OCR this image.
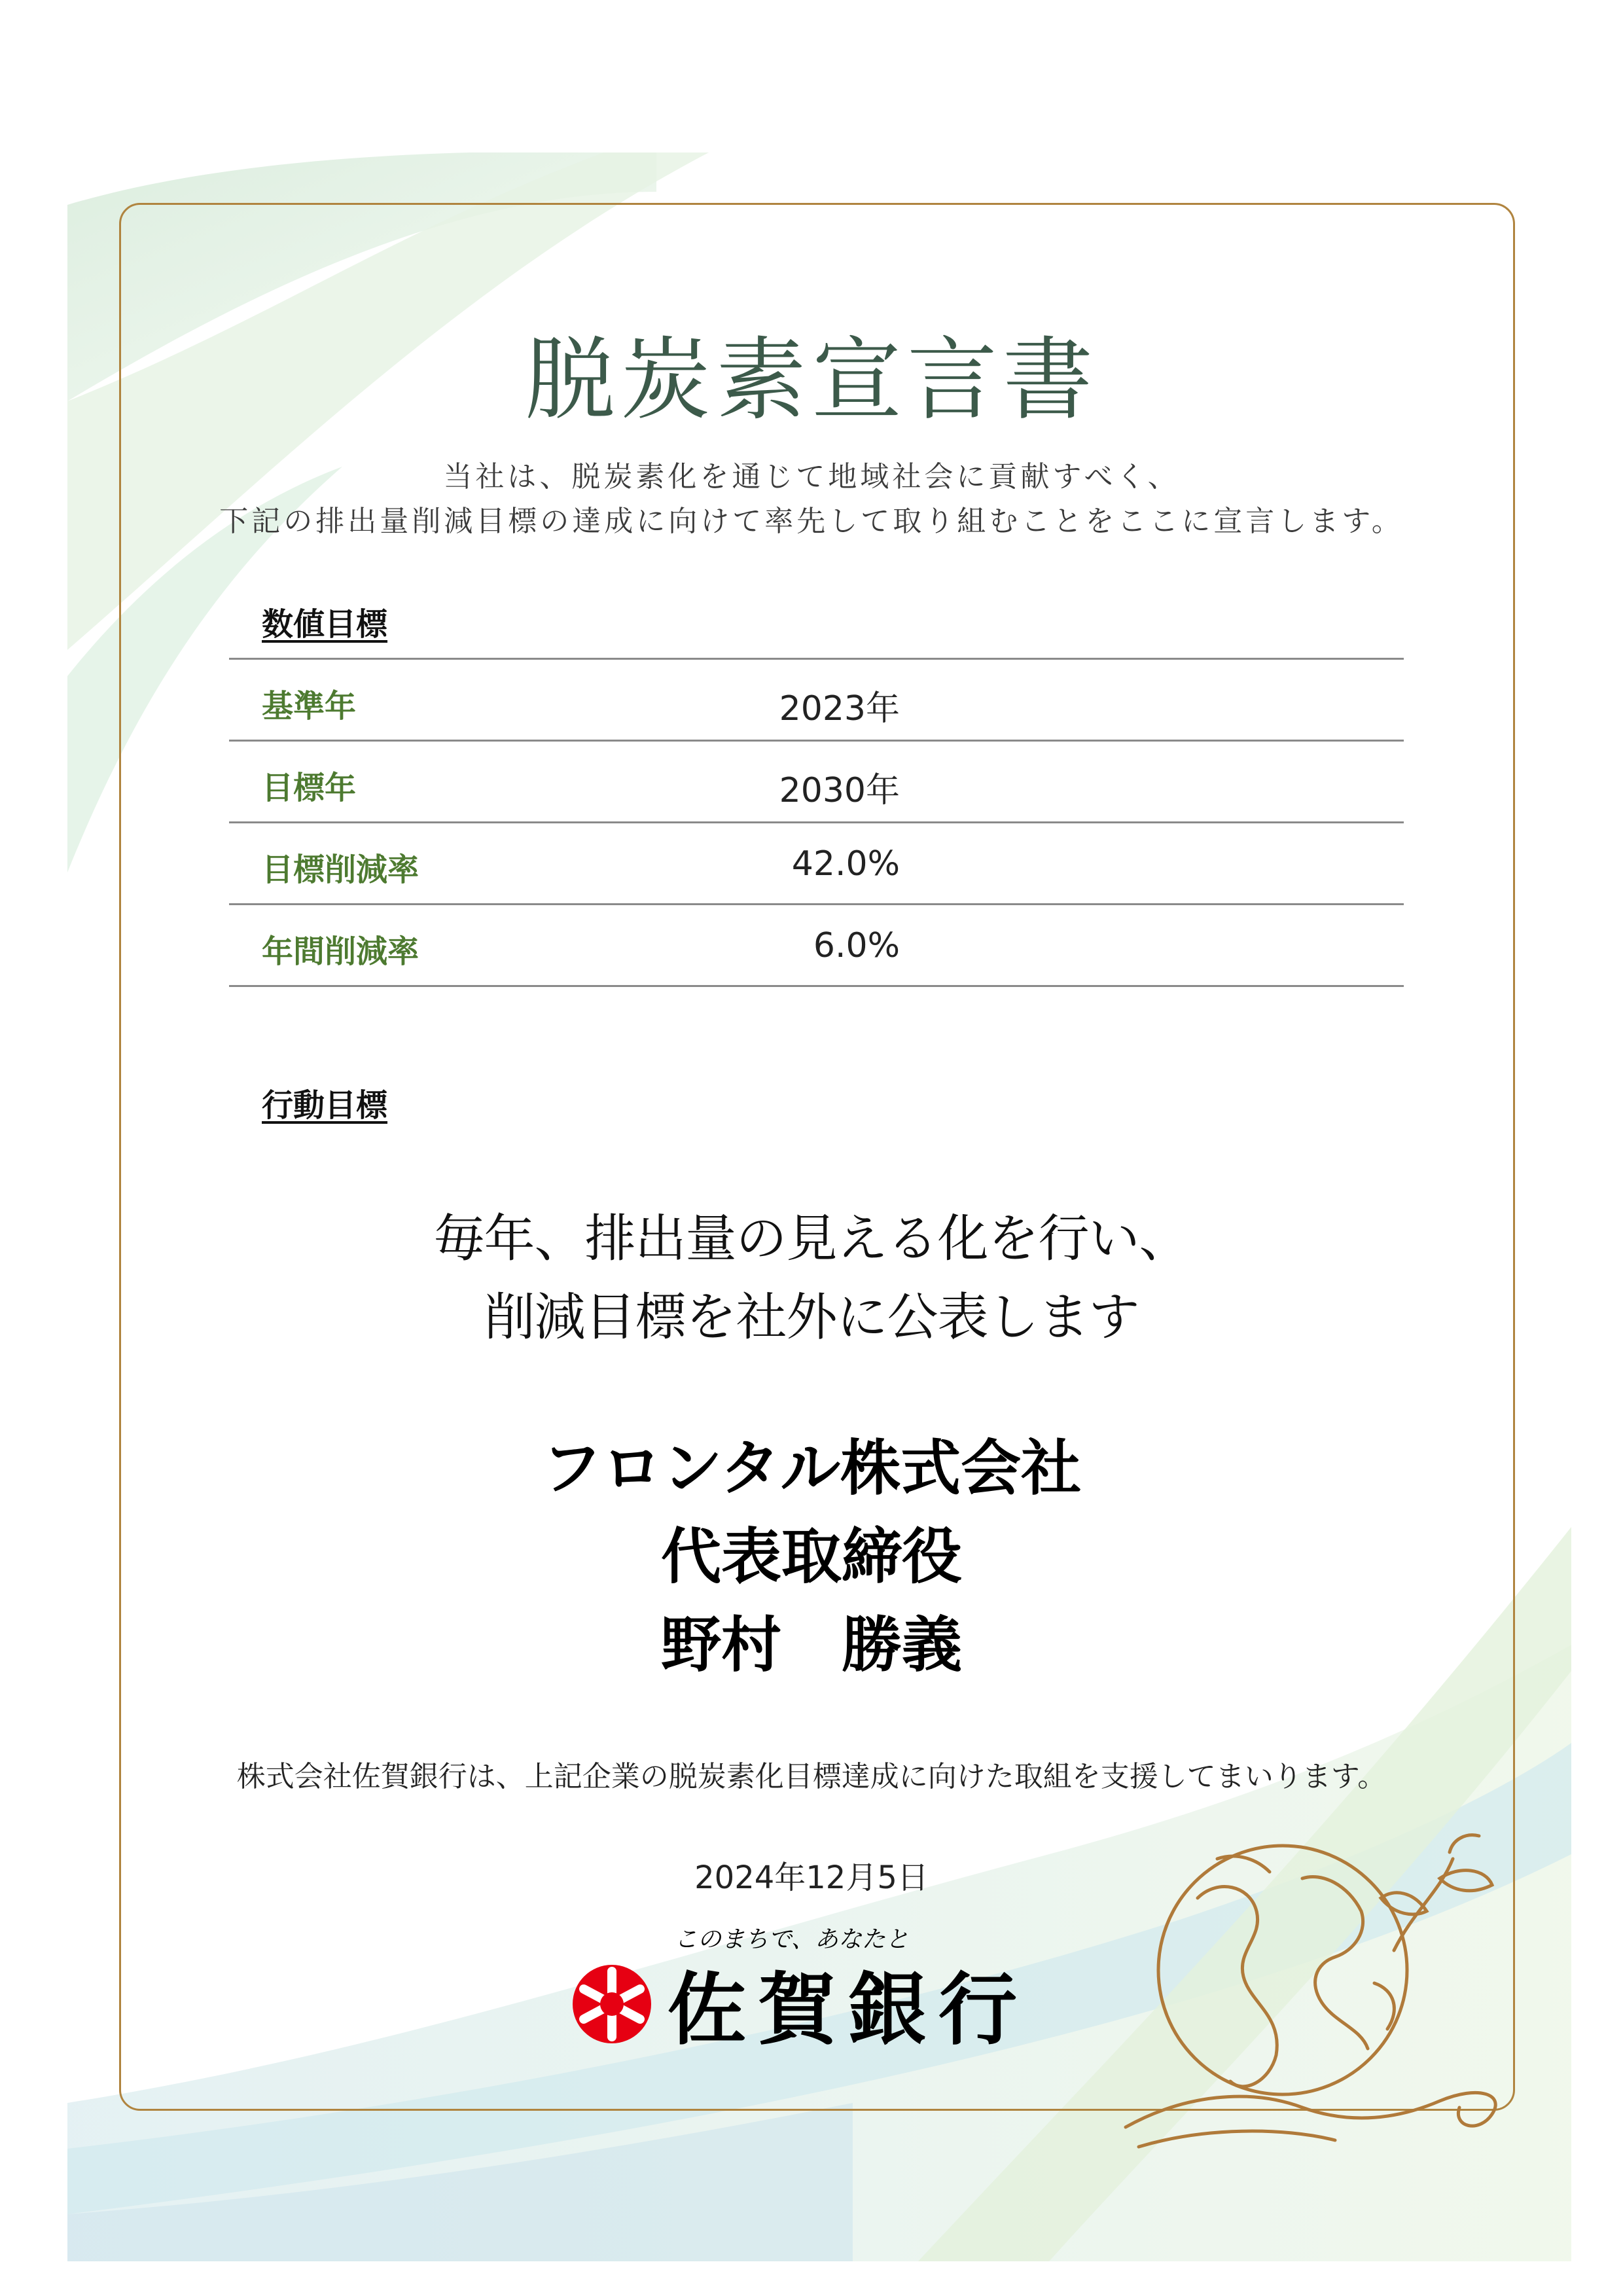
脱炭素宣言書
当社は、脱炭素化を通じて地域社会に貢献すべく、
下記の排出量削減目標の達成に向けて率先して取り組むことをここに宣言します。
数値目標
基準年	2023年
目標年	2030年
目標削減率	42.0%
年間削減率	6.0%
行動目標
毎年、排出量の見える化を行い、
削減目標を社外に公表します
フロンタル株式会社
代表取締役
野村　勝義
株式会社佐賀銀行は、上記企業の脱炭素化目標達成に向けた取組を支援してまいります。
2024年12月5日
このまちで、あなたと
佐賀銀行
